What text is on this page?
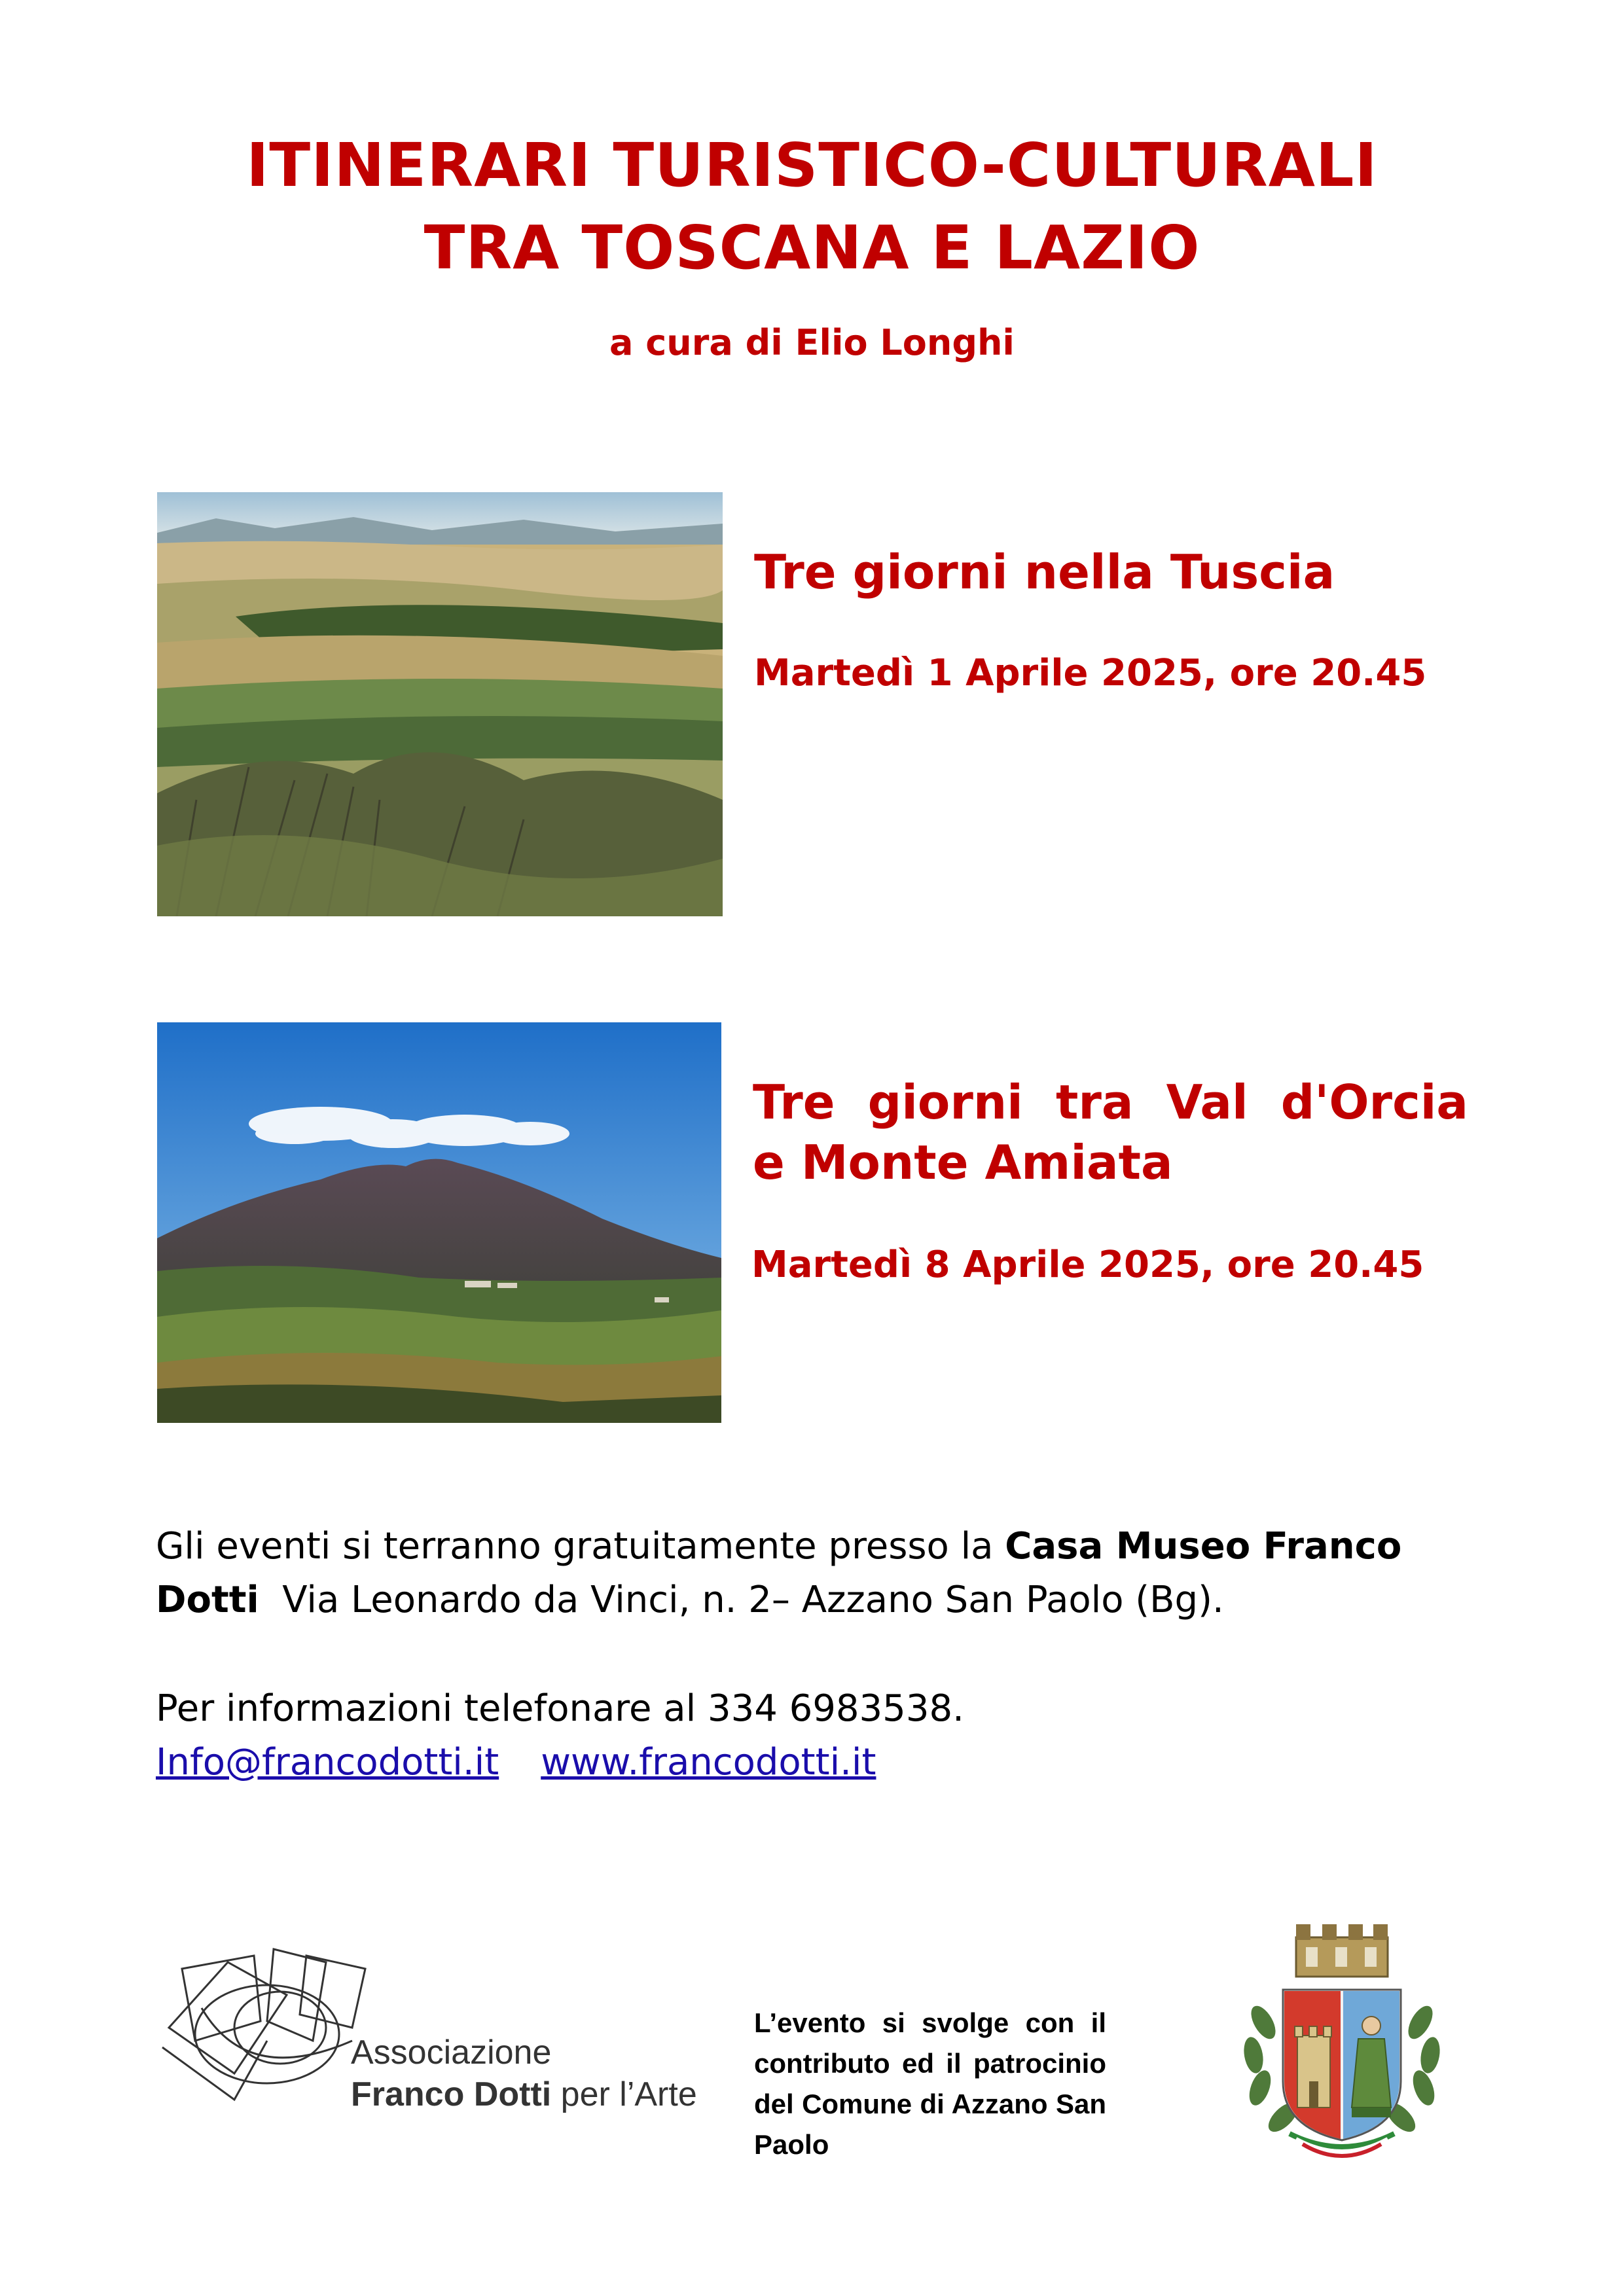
ITINERARI TURISTICO-CULTURALI
TRA TOSCANA E LAZIO
a cura di Elio Longhi
Tre giorni nella Tuscia
Martedì 1 Aprile 2025, ore 20.45
Tre  giorni  tra  Val  d'Orcia
e Monte Amiata
Martedì 8 Aprile 2025, ore 20.45
Gli eventi si terranno gratuitamente presso la Casa Museo Franco Dotti  Via Leonardo da Vinci, n. 2– Azzano San Paolo (Bg).
Per informazioni telefonare al 334 6983538.
Info@francodotti.it www.francodotti.it
Associazione
Franco Dotti per l’Arte
L’evento si svolge con il contributo ed il patrocinio del Comune di Azzano San Paolo
